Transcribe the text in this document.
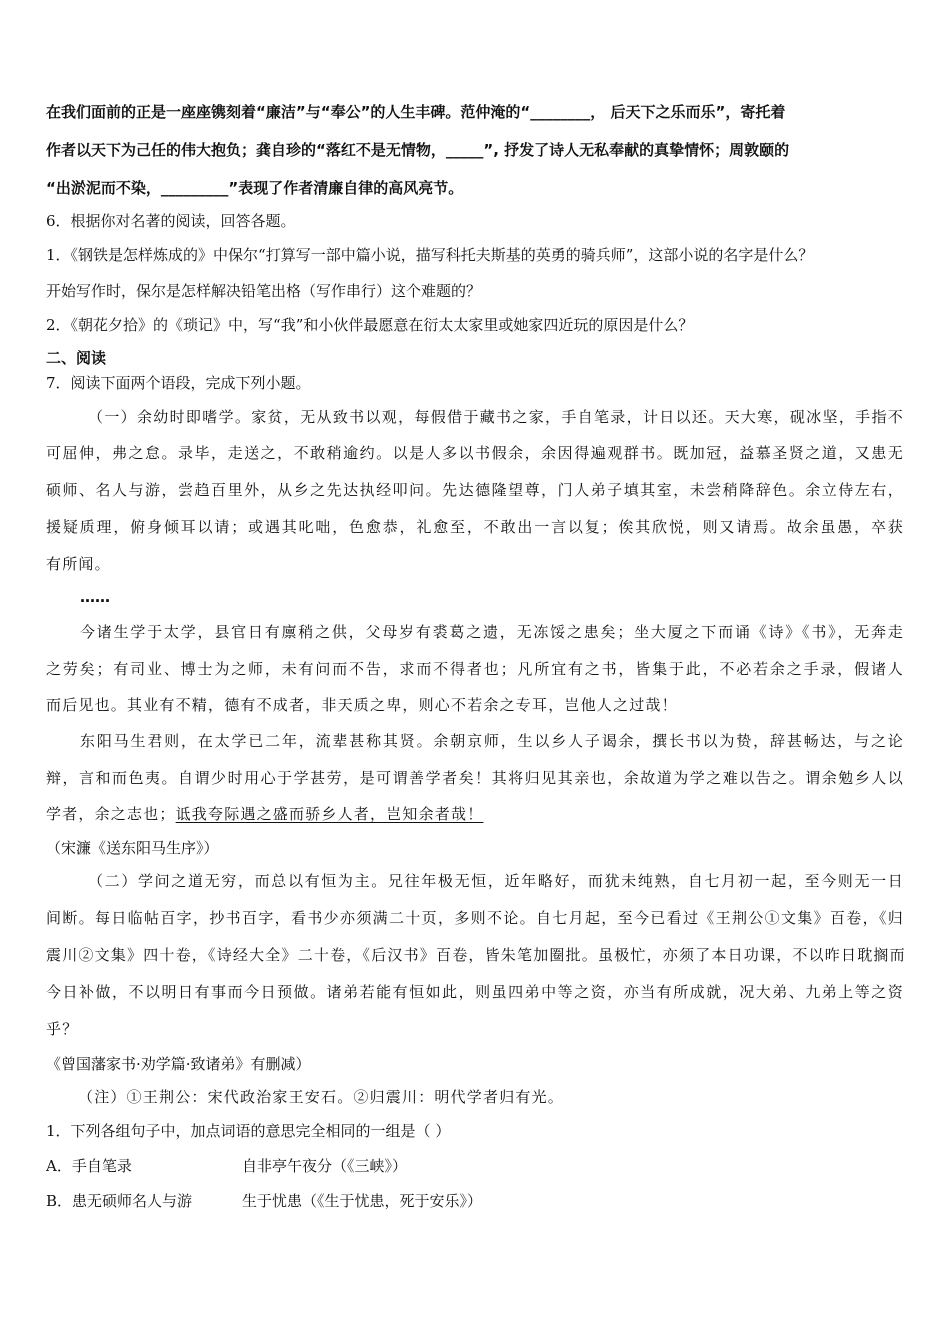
在我们面前的正是一座座镌刻着“廉洁”与“奉公”的人生丰碑。范仲淹的“________， 后天下之乐而乐”，寄托着
作者以天下为己任的伟大抱负；龚自珍的“落红不是无情物，_____”, 抒发了诗人无私奉献的真挚情怀；周敦颐的
“出淤泥而不染，_________”表现了作者清廉自律的高风亮节。
6．根据你对名著的阅读，回答各题。
1．《钢铁是怎样炼成的》中保尔“打算写一部中篇小说，描写科托夫斯基的英勇的骑兵师”，这部小说的名字是什么？
开始写作时，保尔是怎样解决铅笔出格（写作串行）这个难题的？
2．《朝花夕拾》的《琐记》中，写“我”和小伙伴最愿意在衍太太家里或她家四近玩的原因是什么？
二、阅读
7．阅读下面两个语段，完成下列小题。
（一）余幼时即嗜学。家贫，无从致书以观，每假借于藏书之家，手自笔录，计日以还。天大寒，砚冰坚，手指不
可屈伸，弗之怠。录毕，走送之，不敢稍逾约。以是人多以书假余，余因得遍观群书。既加冠，益慕圣贤之道，又患无
硕师、名人与游，尝趋百里外，从乡之先达执经叩问。先达德隆望尊，门人弟子填其室，未尝稍降辞色。余立侍左右，
援疑质理，俯身倾耳以请；或遇其叱咄，色愈恭，礼愈至，不敢出一言以复；俟其欣悦，则又请焉。故余虽愚，卒获
有所闻。
……
今诸生学于太学，县官日有廪稍之供，父母岁有裘葛之遗，无冻馁之患矣；坐大厦之下而诵《诗》《书》，无奔走
之劳矣；有司业、博士为之师，未有问而不告，求而不得者也；凡所宜有之书，皆集于此，不必若余之手录，假诸人
而后见也。其业有不精，德有不成者，非天质之卑，则心不若余之专耳，岂他人之过哉！
东阳马生君则，在太学已二年，流辈甚称其贤。余朝京师，生以乡人子谒余，撰长书以为贽，辞甚畅达，与之论
辩，言和而色夷。自谓少时用心于学甚劳，是可谓善学者矣！其将归见其亲也，余故道为学之难以告之。谓余勉乡人以
学者，余之志也；诋我夸际遇之盛而骄乡人者，岂知余者哉！
（宋濂《送东阳马生序》）
（二）学问之道无穷，而总以有恒为主。兄往年极无恒，近年略好，而犹未纯熟，自七月初一起，至今则无一日
间断。每日临帖百字，抄书百字，看书少亦须满二十页，多则不论。自七月起，至今已看过《王荆公①文集》百卷，《归
震川②文集》四十卷，《诗经大全》二十卷，《后汉书》百卷，皆朱笔加圈批。虽极忙，亦须了本日功课，不以昨日耽搁而
今日补做，不以明日有事而今日预做。诸弟若能有恒如此，则虽四弟中等之资，亦当有所成就，况大弟、九弟上等之资
乎？
《曾国藩家书·劝学篇·致诸弟》有删减）
（注）①王荆公：宋代政治家王安石。②归震川：明代学者归有光。
1．下列各组句子中，加点词语的意思完全相同的一组是（ ）
A．手自笔录	自非亭午夜分（《三峡》）
B．患无硕师名人与游	生于忧患（《生于忧患，死于安乐》）
